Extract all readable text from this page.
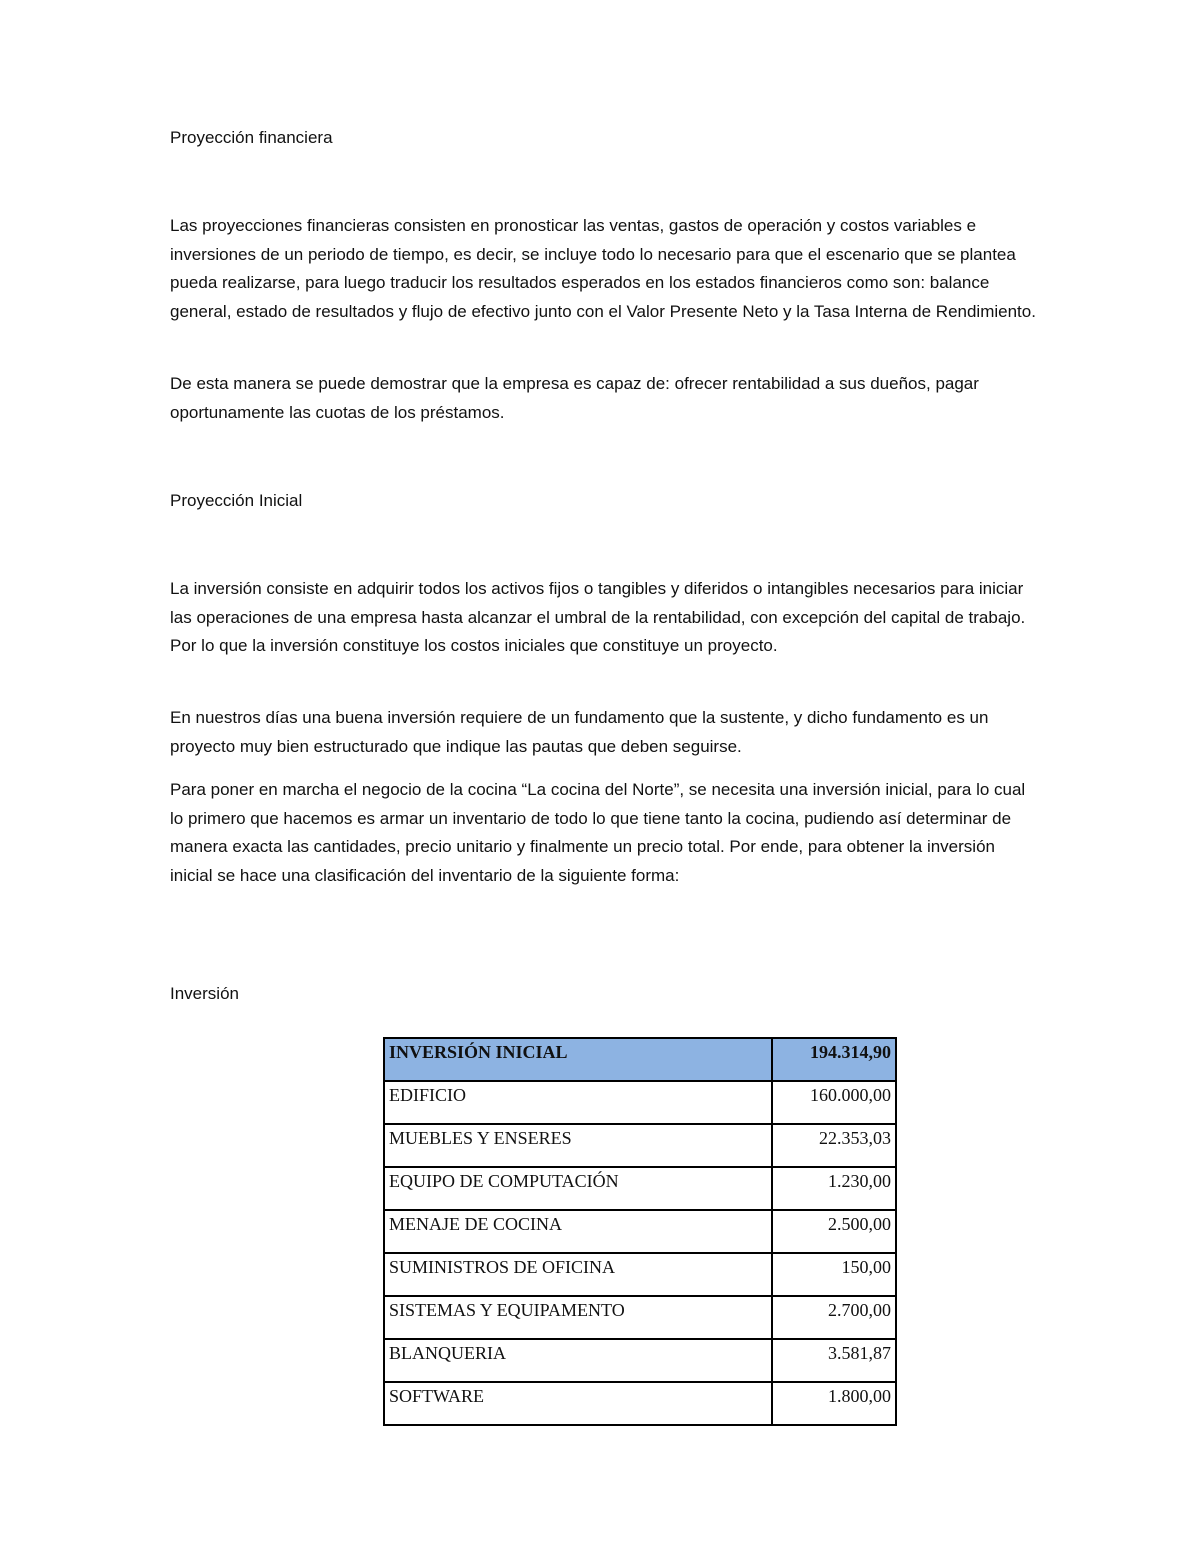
Proyección financiera

Las proyecciones financieras consisten en pronosticar las ventas, gastos de operación y costos variables e inversiones de un periodo de tiempo, es decir, se incluye todo lo necesario para que el escenario que se plantea pueda realizarse, para luego traducir los resultados esperados en los estados financieros como son: balance general, estado de resultados y flujo de efectivo junto con el Valor Presente Neto y la Tasa Interna de Rendimiento.

De esta manera se puede demostrar que la empresa es capaz de: ofrecer rentabilidad a sus dueños, pagar oportunamente las cuotas de los préstamos.

Proyección Inicial

La inversión consiste en adquirir todos los activos fijos o tangibles y diferidos o intangibles necesarios para iniciar las operaciones de una empresa hasta alcanzar el umbral de la rentabilidad, con excepción del capital de trabajo. Por lo que la inversión constituye los costos iniciales que constituye un proyecto.

En nuestros días una buena inversión requiere de un fundamento que la sustente, y dicho fundamento es un proyecto muy bien estructurado que indique las pautas que deben seguirse.

Para poner en marcha el negocio de la cocina “La cocina del Norte”, se necesita una inversión inicial, para lo cual lo primero que hacemos es armar un inventario de todo lo que tiene tanto la cocina, pudiendo así determinar de manera exacta las cantidades, precio unitario y finalmente un precio total. Por ende, para obtener la inversión inicial se hace una clasificación del inventario de la siguiente forma:

Inversión
INVERSIÓN INICIAL	194.314,90
EDIFICIO	160.000,00
MUEBLES Y ENSERES	22.353,03
EQUIPO DE COMPUTACIÓN	1.230,00
MENAJE DE COCINA	2.500,00
SUMINISTROS DE OFICINA	150,00
SISTEMAS Y EQUIPAMENTO	2.700,00
BLANQUERIA	3.581,87
SOFTWARE	1.800,00
